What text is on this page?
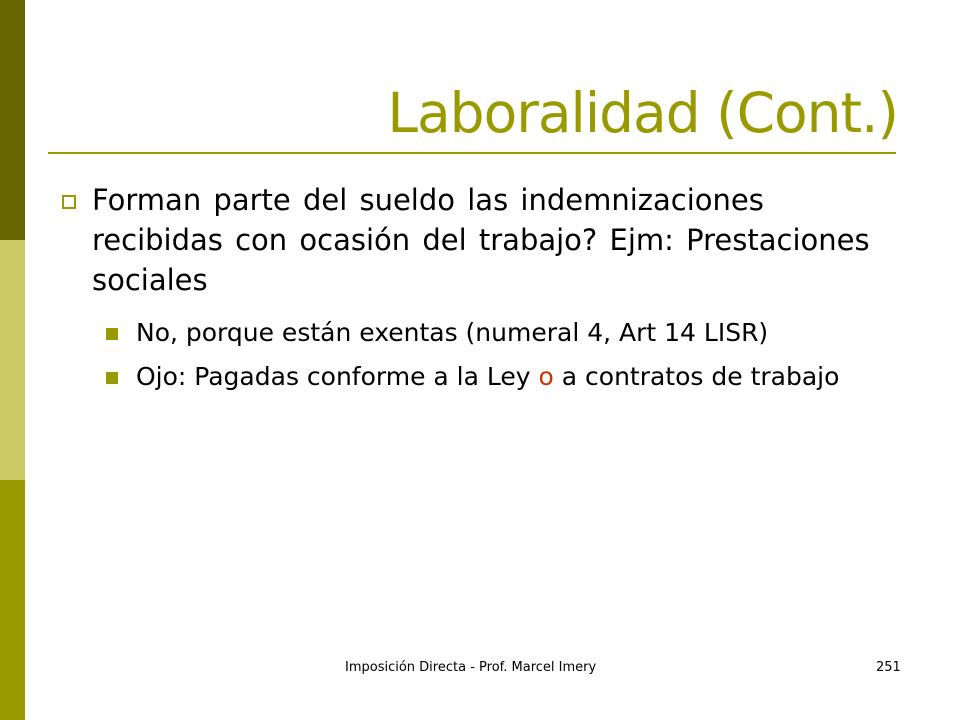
Laboralidad (Cont.)
Forman parte del sueldo las indemnizaciones recibidas con ocasión del trabajo? Ejm: Prestaciones sociales
No, porque están exentas (numeral 4, Art 14 LISR)
Ojo: Pagadas conforme a la Ley o a contratos de trabajo
Imposición Directa - Prof. Marcel Imery	251
